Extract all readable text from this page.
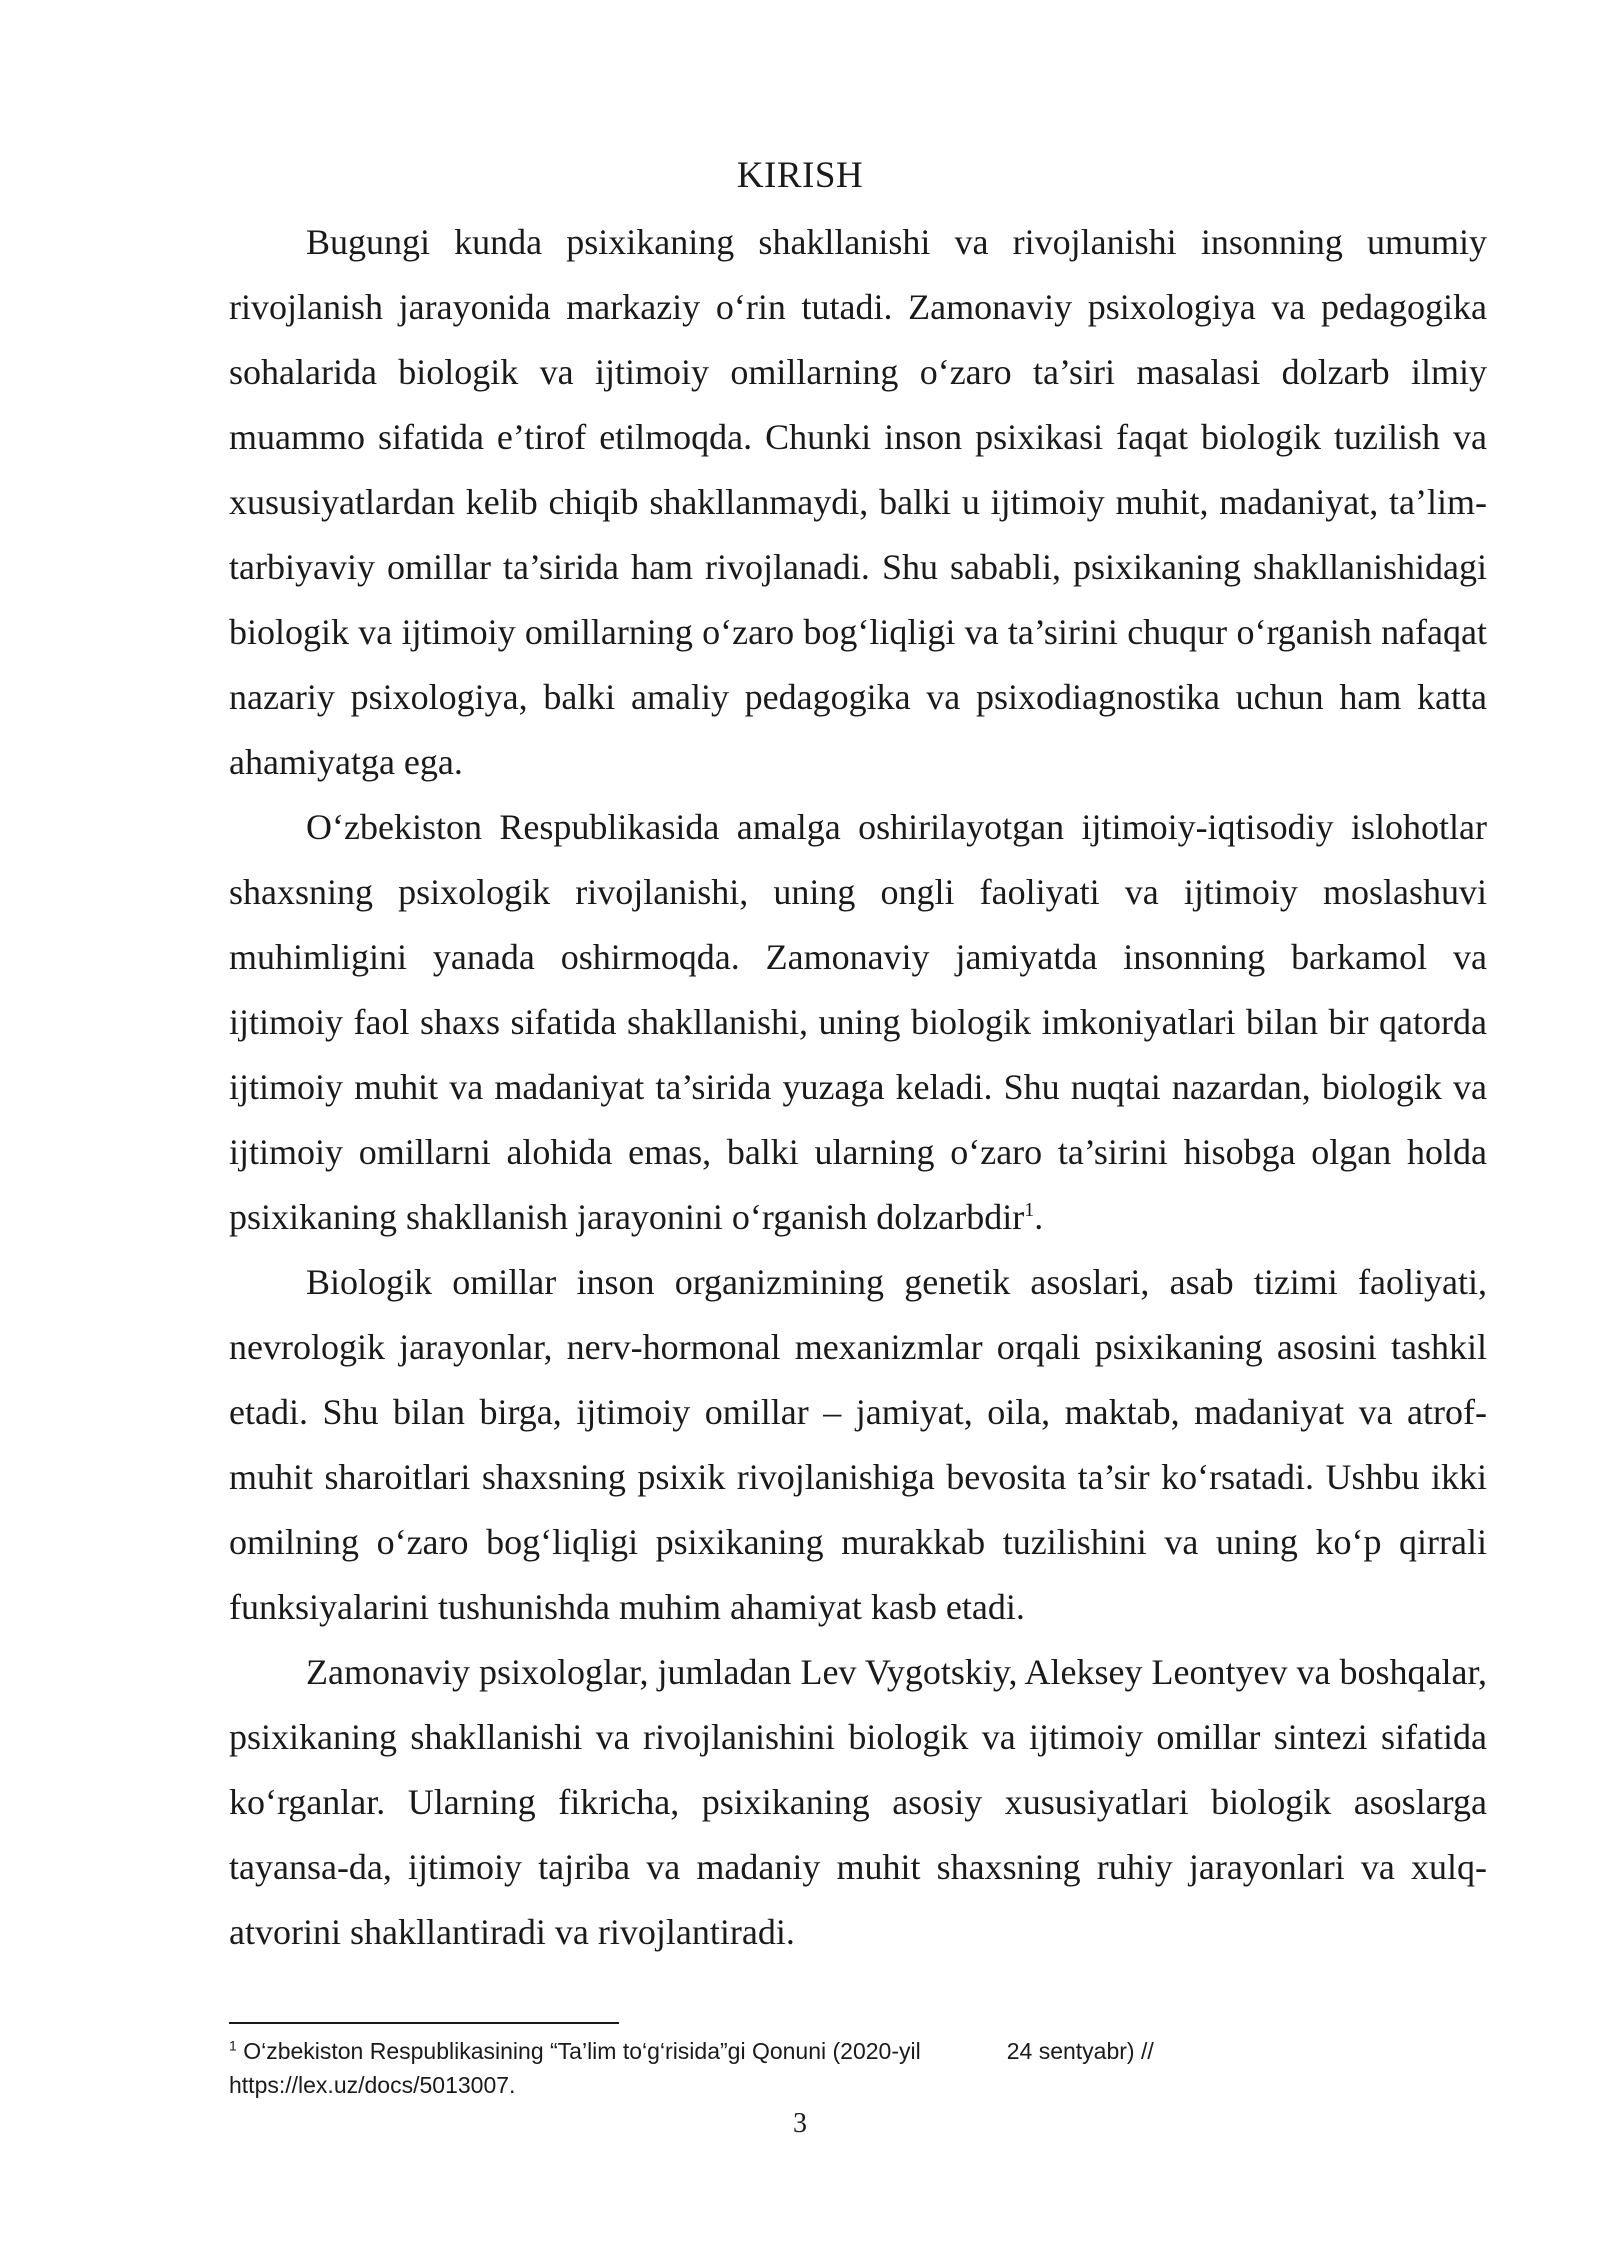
KIRISH

Bugungi kunda psixikaning shakllanishi va rivojlanishi insonning umumiy rivojlanish jarayonida markaziy o‘rin tutadi. Zamonaviy psixologiya va pedagogika sohalarida biologik va ijtimoiy omillarning o‘zaro ta’siri masalasi dolzarb ilmiy muammo sifatida e’tirof etilmoqda. Chunki inson psixikasi faqat biologik tuzilish va xususiyatlardan kelib chiqib shakllanmaydi, balki u ijtimoiy muhit, madaniyat, ta’lim-tarbiyaviy omillar ta’sirida ham rivojlanadi. Shu sababli, psixikaning shakllanishidagi biologik va ijtimoiy omillarning o‘zaro bog‘liqligi va ta’sirini chuqur o‘rganish nafaqat nazariy psixologiya, balki amaliy pedagogika va psixodiagnostika uchun ham katta ahamiyatga ega.

O‘zbekiston Respublikasida amalga oshirilayotgan ijtimoiy-iqtisodiy islohotlar shaxsning psixologik rivojlanishi, uning ongli faoliyati va ijtimoiy moslashuvi muhimligini yanada oshirmoqda. Zamonaviy jamiyatda insonning barkamol va ijtimoiy faol shaxs sifatida shakllanishi, uning biologik imkoniyatlari bilan bir qatorda ijtimoiy muhit va madaniyat ta’sirida yuzaga keladi. Shu nuqtai nazardan, biologik va ijtimoiy omillarni alohida emas, balki ularning o‘zaro ta’sirini hisobga olgan holda psixikaning shakllanish jarayonini o‘rganish dolzarbdir$^1$.

Biologik omillar inson organizmining genetik asoslari, asab tizimi faoliyati, nevrologik jarayonlar, nerv-hormonal mexanizmlar orqali psixikaning asosini tashkil etadi. Shu bilan birga, ijtimoiy omillar – jamiyat, oila, maktab, madaniyat va atrof-muhit sharoitlari shaxsning psixik rivojlanishiga bevosita ta’sir ko‘rsatadi. Ushbu ikki omilning o‘zaro bog‘liqligi psixikaning murakkab tuzilishini va uning ko‘p qirrali funksiyalarini tushunishda muhim ahamiyat kasb etadi.

Zamonaviy psixologlar, jumladan Lev Vygotskiy, Aleksey Leontyev va boshqalar, psixikaning shakllanishi va rivojlanishini biologik va ijtimoiy omillar sintezi sifatida ko‘rganlar. Ularning fikricha, psixikaning asosiy xususiyatlari biologik asoslarga tayansa-da, ijtimoiy tajriba va madaniy muhit shaxsning ruhiy jarayonlari va xulq-atvorini shakllantiradi va rivojlantiradi.

$^1$ O‘zbekiston Respublikasining “Ta’lim to‘g‘risida”gi Qonuni (2020-yil	24 sentyabr) //
https://lex.uz/docs/5013007.
3
